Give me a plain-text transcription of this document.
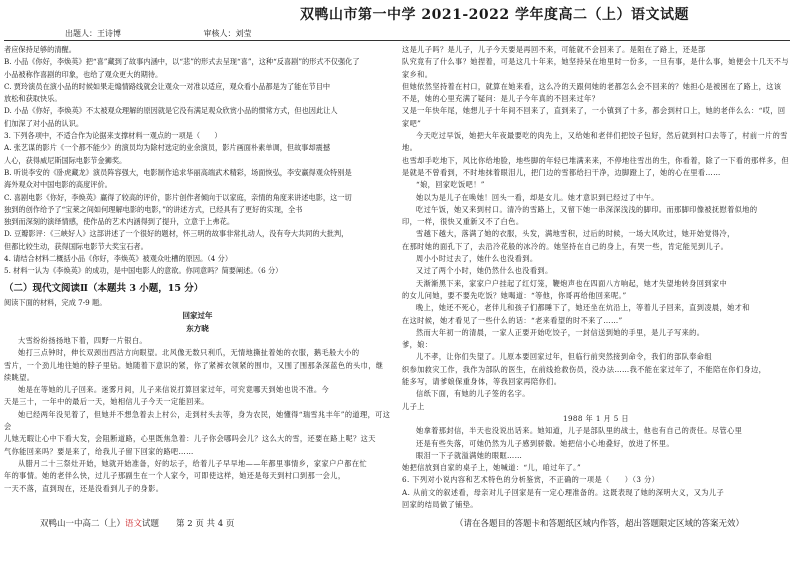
双鸭山市第一中学 2021-2022 学年度高二（上）语文试题
出题人：王诗博	审核人：刘莹

者应保持足够的清醒。

B. 小品《你好，李焕英》把“喜”藏到了故事内涵中，以“悲”的形式去呈现“喜”，这种“反喜剧”的形式不仅强化了

小品被称作喜剧的印象，也给了观众更大的期待。

C. 贾玲演员在演小品的时候如果走煽情路线就会让观众一对准以适应，观众看小品都是为了能在节目中

放松和获取快乐。

D. 小品《你好，李焕英》不太被观众理解的原因就是它没有满足观众欣赏小品的惯常方式，但也因此让人

们加深了对小品的认识。

3. 下列各项中，不适合作为论据来支撑材料一观点的一项是（　　）

A. 张艺谋的影片《一个都不能少》的演员均为除村选定的业余演员，影片画面朴素单调，但故事却震撼

人心，获得威尼斯国际电影节金狮奖。

B. 听说李安的《卧虎藏龙》演员阵容强大，电影制作追求华丽高端武术精彩，场面恢弘，李安赢得观众特别是

海外观众对中国电影的高度评价。

C. 喜剧电影《你好，李焕英》赢得了较高的评价，影片创作者倾向于以家庭，亲情的角度来讲述电影，这一切

独到的创作给予了“宝莱之间如何理解电影的电影，”的讲述方式，已经具有了更好的实现，全书

独到而深刻的演绎情感，使作品的艺术内涵得到了提升，立意于上弗花。

D. 豆瓣影评：《三峡好人》这部讲述了一个很好的题材，怀三明的故事非常扎动人，没有夸大共同的大批判，

但都比较生动，获得国际电影节大奖宝石者。

4. 请结合材料二概括小品《你好，李焕英》被观众吐槽的原因。（4 分）

5. 材料一认为《李焕英》的成功，是中国电影人的意欲。你同意吗？简要阐述。（6 分）

（二）现代文阅读Ⅱ（本题共 3 小题，15 分）

阅读下面的材料，完成 7-9 题。

回家过年

东方晓

大雪纷纷扬扬地下着，四野一片银白。

她打三点钟时，伸长双颈出西沽方向眼望。北风像无数只利爪，无情地撕扯着她的衣服，鹅毛般大小的

雪片，一个劲儿地往她的脖子里钻。她随着下意识的紧，你了紧裤衣领紧的围巾，又围了围那条深蓝色的头巾，继

续眺望。

她是在等她的儿子回来。迷雾月间，儿子来信说打算回家过年，可究竟哪天到她也说不准。今

天是三十，一年中的最后一天，她相信儿子今天一定能回来。

她已经两年没见着了，但她并不想急着去上村公，走到村头去等，身为农民，她懂得“瑞雪兆丰年”的道理，可这会

儿她无暇让心中下看大发，会阻断道路，心里既焦急着：儿子你会哪吗会儿？这么大的雪，还要在路上呢？这天

气你能回来吗？要是来了，给我儿子留下回家的路吧……

从腊月二十三祭灶开始，她就开始准备，好的坛子，给着儿子早早地——年都里事情乡，家家户户都在忙

年的事情。她的老伴么快，过儿子那副生在一个人家今，可即使这样，她还是每天到村口到那一会儿，

一天不落，直到现在，还是没看到儿子的身影。

这是儿子吗？是儿子，儿子今天要是再回不来，可能就不会回来了。是阻在了路上，还是部

队究竟有了什么事？她捏着，可是这几十年来，她坚持呆在地里时一份多，一旦有事，是什么事，她便会十几天不与家乡和。

但她依然坚持着在村口，就算在她来看，这么冷的天跟伺她的老都怎么会不回来的？她担心是被困在了路上，这该

不是，她的心里充满了疑问：是儿子今年真的不回来过年？

又是一年快年尾，她想儿子十年间不回来了，直到来了，一小镇到了十多，都会到村口上，她的老伴么么：“哎，回家吧”

今天吃过早饭，她把大年夜最要吃的肉先上，又给她和老伴们把饺子包好，然后就到村口去等了，村前一片的雪地。

也雪却手吃地下，风比你给地脸，地些脚的年轻已堆满来来，不停地往雪出的生，你看着，除了一下看的那样多，但

是就是不曾看到，不时地抹着眼泪儿，把门边的雪都给扫干净，边脚蹬上了，她的心在里看……

“娘，回家吃饭吧！”

她以为是儿子在唤她！回头一看，却是女儿。她才意识到已经过了中午。

吃过午饭，她又来到村口。清冷的雪路上，又留下她一串深深浅浅的脚印。而那脚印像被抚慰着似地的

印，一样，很快又重新又不了白色。

雪越下越大，落满了她的衣服，头发，满地雪积，过后的时候，一场大风吹过，她开始觉得冷，

在那时她的面孔下了，去沿冷花般的冰冷的。她坚持在自己的身上，有哭一些，肯定能见到儿子。

周小小时过去了，她什么也没看到。

又过了两个小时，她仍然什么也没看到。

天渐渐黑下来，家家户户挂起了红灯笼，鞭炮声也在四面八方响起，她才失望地转身回到家中

的女儿问她，要不要先吃饭？她喝道：“等他，你哥再给他回来呢。”

晚上，她还不死心，老伴儿和孩子们都睡下了，她还坐在炕沿上，等着儿子回来，直到凌晨，她才和

在这时候，她才看见了一些什么的话：“老来看望的时不来了……”

然而大年初一的清晨，一家人正要开始吃饺子，一封信送到她的手里，是儿子写来的。

爹，娘：

儿不孝，让你们失望了。儿原本要回家过年，但临行前突然接到命令，我们的部队奉命组

织参加救灾工作，我作为部队的医生，在前线抢救伤员，没办法……我不能在家过年了，不能陪在你们身边，

能多写，请爹娘保重身体，等我回家再陪你们。

信纸下面，有她的儿子签的名字。

儿子上

1988 年 1 月 5 日

她拿着那封信，半天也没说出话来。她知道，儿子是部队里的战士，他也有自己的责任。尽管心里

还是有些失落，可她仍然为儿子感到骄傲。她把信小心地叠好，放进了怀里。

眼泪一下子就溢满她的眼眶……

她把信放到自家的桌子上，她喊道：“儿，咱过年了。”

6. 下列对小说内容和艺术特色的分析鉴赏，不正确的一项是（　　）（3 分）

A. 从前文的叙述看，母亲对儿子回家是有一定心理准备的。这既表现了她的深明大义，又为儿子

回家的结局做了铺垫。

双鸭山一中高二（上）语文试题　　第 2 页 共 4 页	（请在各题目的答题卡和答题纸区域内作答，超出答题限定区域的答案无效）
